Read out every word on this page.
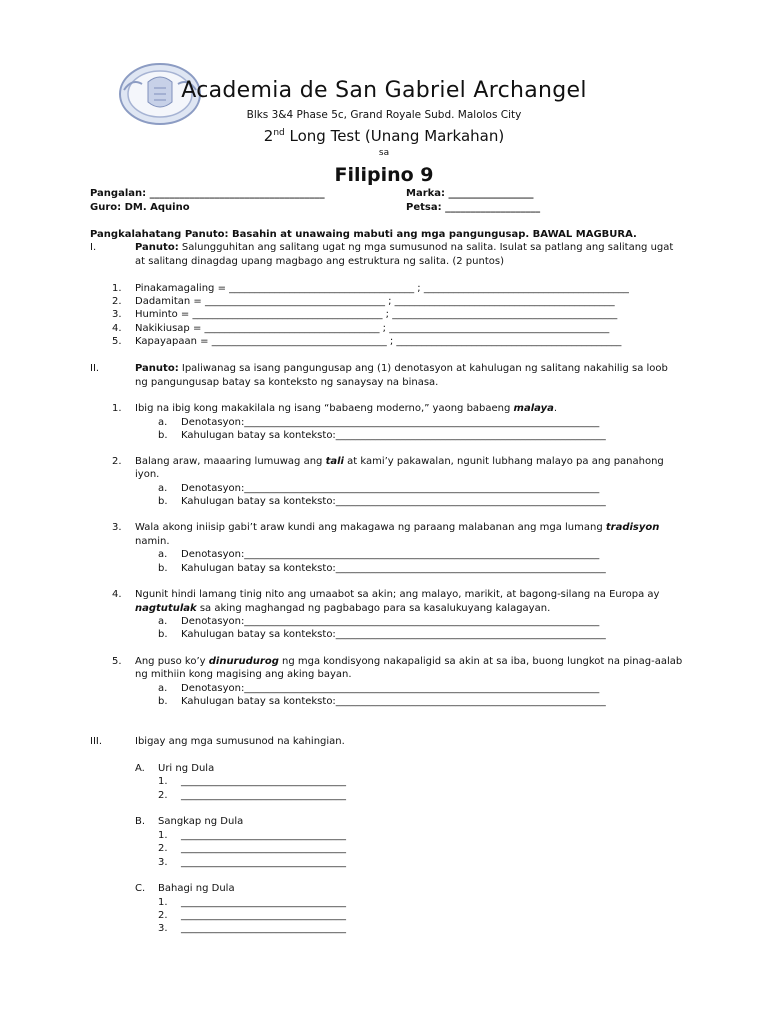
Academia de San Gabriel Archangel
Blks 3&4 Phase 5c, Grand Royale Subd. Malolos City
2nd Long Test (Unang Markahan)
sa
Filipino 9
Pangalan: ___________________________________	Marka: _________________
Guro: DM. Aquino	Petsa: ___________________
Pangkalahatang Panuto: Basahin at unawaing mabuti ang mga pangungusap. BAWAL MAGBURA.
I.	Panuto: Salungguhitan ang salitang ugat ng mga sumusunod na salita. Isulat sa patlang ang salitang ugat
at salitang dinagdag upang magbago ang estruktura ng salita. (2 puntos)
1. Pinakamagaling = _____________________________________ ; _________________________________________
2. Dadamitan = ____________________________________ ; ____________________________________________
3. Huminto = ______________________________________ ; _____________________________________________
4. Nakikiusap = ___________________________________ ; ____________________________________________
5. Kapayapaan = ___________________________________ ; _____________________________________________
II.	Panuto: Ipaliwanag sa isang pangungusap ang (1) denotasyon at kahulugan ng salitang nakahilig sa loob
ng pangungusap batay sa konteksto ng sanaysay na binasa.
1. Ibig na ibig kong makakilala ng isang “babaeng moderno,” yaong babaeng malaya.
a. Denotasyon:_______________________________________________________________________
b. Kahulugan batay sa konteksto:______________________________________________________
2. Balang araw, maaaring lumuwag ang tali at kami’y pakawalan, ngunit lubhang malayo pa ang panahong
iyon.
a. Denotasyon:_______________________________________________________________________
b. Kahulugan batay sa konteksto:______________________________________________________
3. Wala akong iniisip gabi’t araw kundi ang makagawa ng paraang malabanan ang mga lumang tradisyon
namin.
a. Denotasyon:_______________________________________________________________________
b. Kahulugan batay sa konteksto:______________________________________________________
4. Ngunit hindi lamang tinig nito ang umaabot sa akin; ang malayo, marikit, at bagong-silang na Europa ay
nagtutulak sa aking maghangad ng pagbabago para sa kasalukuyang kalagayan.
a. Denotasyon:_______________________________________________________________________
b. Kahulugan batay sa konteksto:______________________________________________________
5. Ang puso ko’y dinurudurog ng mga kondisyong nakapaligid sa akin at sa iba, buong lungkot na pinag-aalab
ng mithiin kong magising ang aking bayan.
a. Denotasyon:_______________________________________________________________________
b. Kahulugan batay sa konteksto:______________________________________________________
III.	Ibigay ang mga sumusunod na kahingian.
A. Uri ng Dula
1. _________________________________
2. _________________________________
B. Sangkap ng Dula
1. _________________________________
2. _________________________________
3. _________________________________
C. Bahagi ng Dula
1. _________________________________
2. _________________________________
3. _________________________________
